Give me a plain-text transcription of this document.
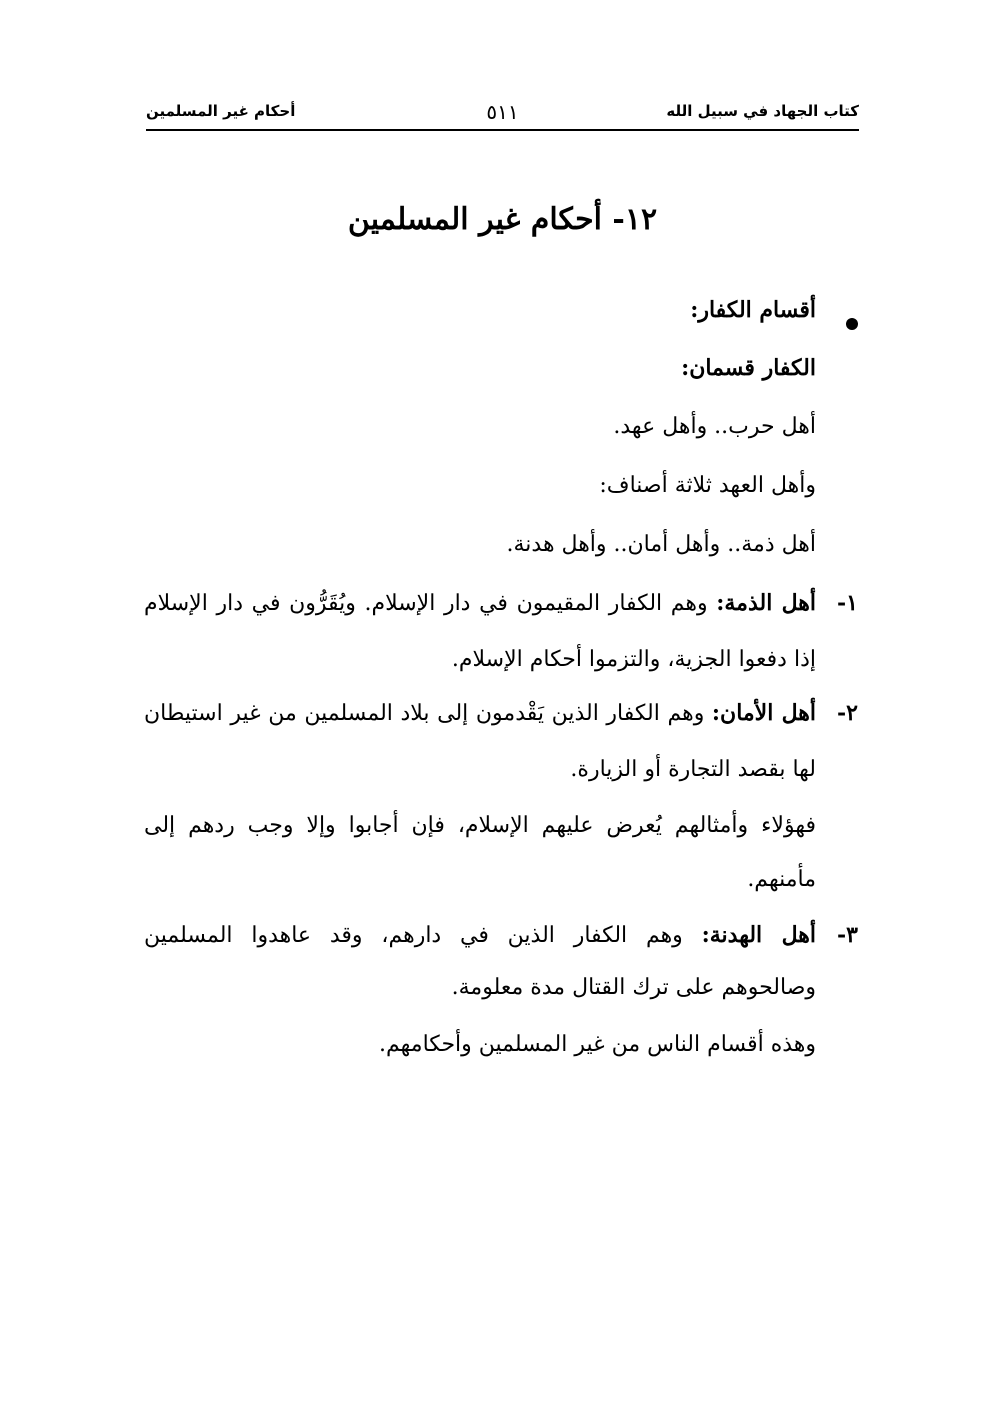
كتاب الجهاد في سبيل الله
٥١١
أحكام غير المسلمين
١٢- أحكام غير المسلمين
أقسام الكفار:
الكفار قسمان:
أهل حرب.. وأهل عهد.
وأهل العهد ثلاثة أصناف:
أهل ذمة.. وأهل أمان.. وأهل هدنة.
١-
أهل الذمة: وهم الكفار المقيمون في دار الإسلام. ويُقَرُّون في دار الإسلام
إذا دفعوا الجزية، والتزموا أحكام الإسلام.
٢-
أهل الأمان: وهم الكفار الذين يَقْدمون إلى بلاد المسلمين من غير استيطان
لها بقصد التجارة أو الزيارة.
فهؤلاء وأمثالهم يُعرض عليهم الإسلام، فإن أجابوا وإلا وجب ردهم إلى
مأمنهم.
٣-
أهل الهدنة: وهم الكفار الذين في دارهم، وقد عاهدوا المسلمين
وصالحوهم على ترك القتال مدة معلومة.
وهذه أقسام الناس من غير المسلمين وأحكامهم.
